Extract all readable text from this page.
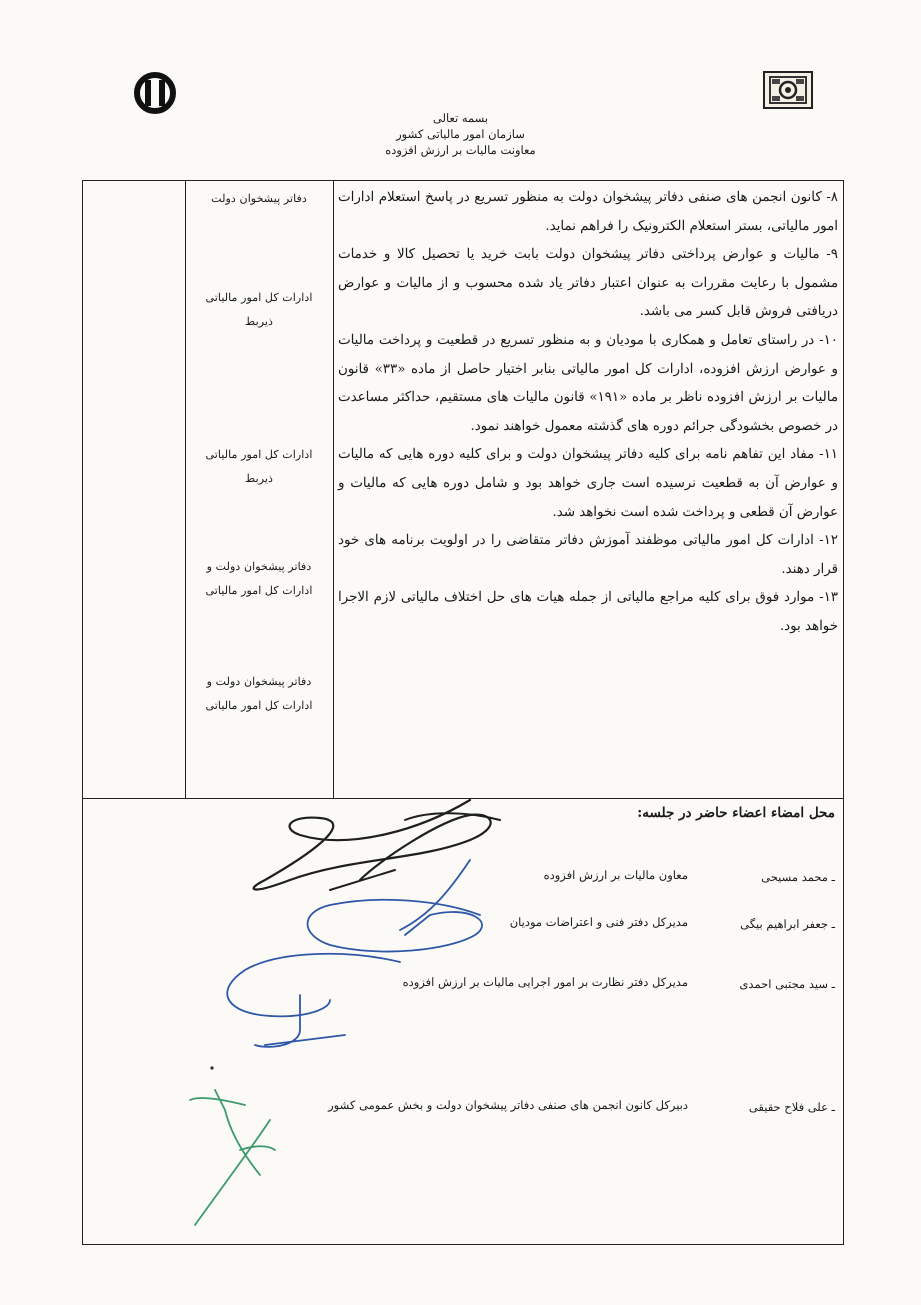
بسمه تعالی
سازمان امور مالیاتی کشور
معاونت مالیات بر ارزش افزوده

۸- کانون انجمن های صنفی دفاتر پیشخوان دولت به منظور تسریع در پاسخ استعلام ادارات امور مالیاتی، بستر استعلام الکترونیک را فراهم نماید.

۹- مالیات و عوارض پرداختی دفاتر پیشخوان دولت بابت خرید یا تحصیل کالا و خدمات مشمول با رعایت مقررات به عنوان اعتبار دفاتر یاد شده محسوب و از مالیات و عوارض دریافتی فروش قابل کسر می باشد.

۱۰- در راستای تعامل و همکاری با مودیان و به منظور تسریع در قطعیت و پرداخت مالیات و عوارض ارزش افزوده، ادارات کل امور مالیاتی بنابر اختیار حاصل از ماده «۳۳» قانون مالیات بر ارزش افزوده ناظر بر ماده «۱۹۱» قانون مالیات های مستقیم، حداکثر مساعدت در خصوص بخشودگی جرائم دوره های گذشته معمول خواهند نمود.

۱۱- مفاد این تفاهم نامه برای کلیه دفاتر پیشخوان دولت و برای کلیه دوره هایی که مالیات و عوارض آن به قطعیت نرسیده است جاری خواهد بود و شامل دوره هایی که مالیات و عوارض آن قطعی و پرداخت شده است نخواهد شد.

۱۲- ادارات کل امور مالیاتی موظفند آموزش دفاتر متقاضی را در اولویت برنامه های خود قرار دهند.

۱۳- موارد فوق برای کلیه مراجع مالیاتی از جمله هیات های حل اختلاف مالیاتی لازم الاجرا خواهد بود.

دفاتر پیشخوان دولت
ادارات کل امور مالیاتی
ذیربط
ادارات کل امور مالیاتی
ذیربط
دفاتر پیشخوان دولت و
ادارات کل امور مالیاتی
دفاتر پیشخوان دولت و
ادارات کل امور مالیاتی
محل امضاء اعضاء حاضر در جلسه:
ـ محمد مسیحی
معاون مالیات بر ارزش افزوده
ـ جعفر ابراهیم بیگی
مدیرکل دفتر فنی و اعتراضات مودیان
ـ سید مجتبی احمدی
مدیرکل دفتر نظارت بر امور اجرایی مالیات بر ارزش افزوده
ـ علی فلاح حقیقی
دبیرکل کانون انجمن های صنفی دفاتر پیشخوان دولت و بخش عمومی کشور
